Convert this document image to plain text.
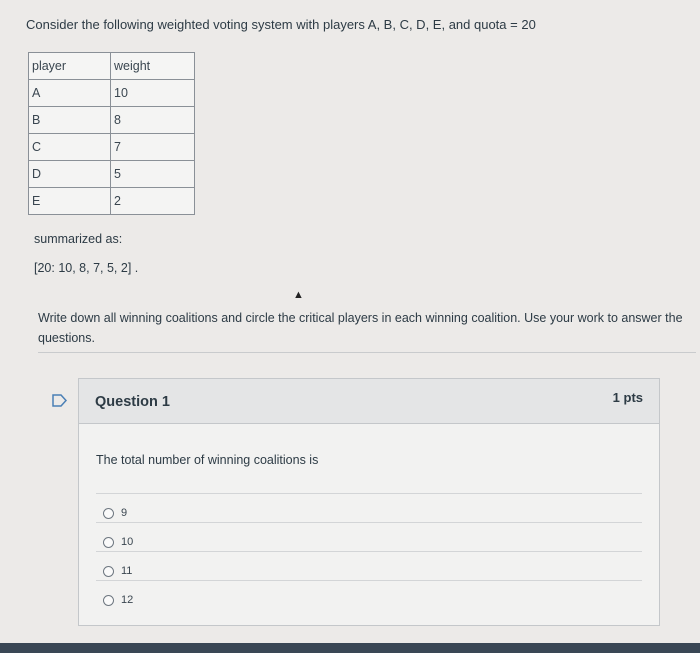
Consider the following weighted voting system with players A, B, C, D, E, and quota = 20
player	weight
A	10
B	8
C	7
D	5
E	2
summarized as:
[20: 10, 8, 7, 5, 2] .
▲
Write down all winning coalitions and circle the critical players in each winning coalition. Use your work to answer the questions.
Question 1	1 pts
The total number of winning coalitions is
9
10
11
12
